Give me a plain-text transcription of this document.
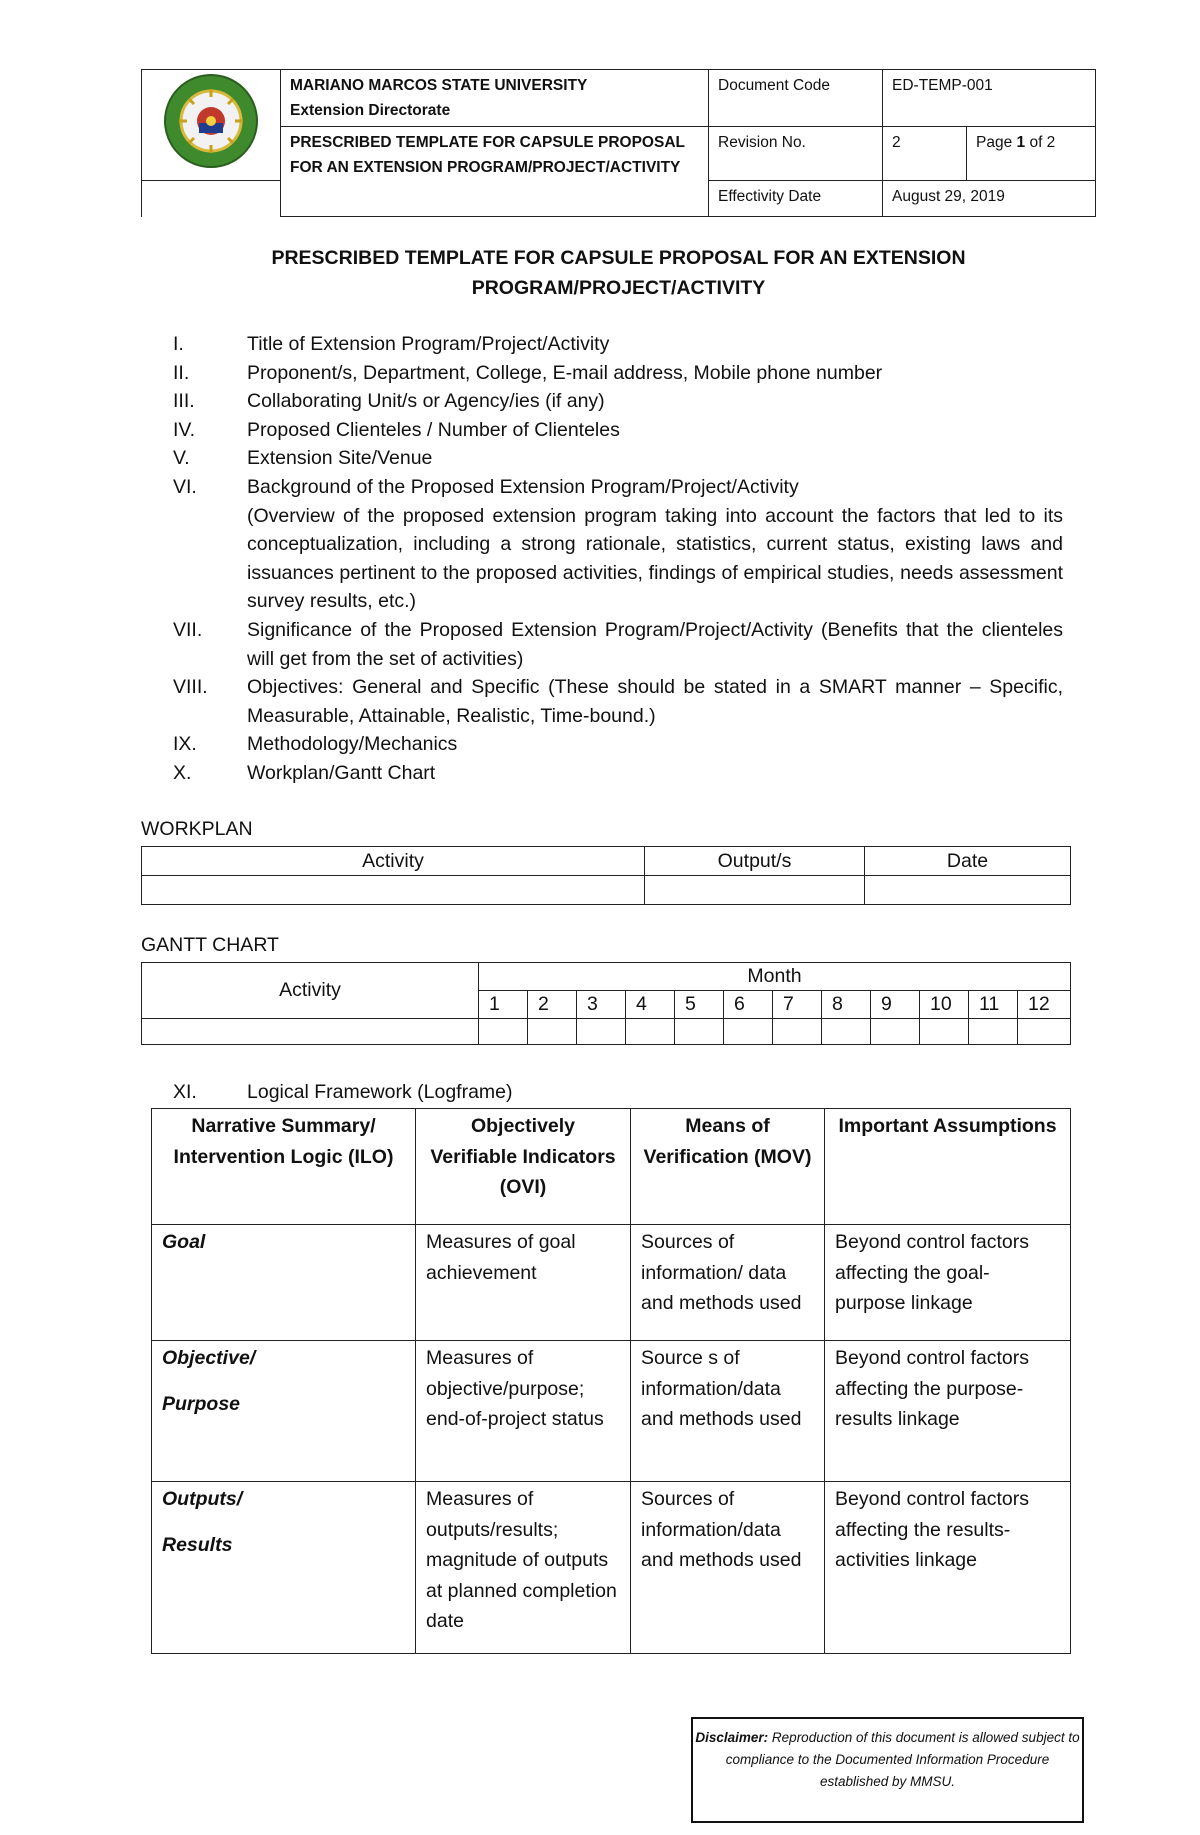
MARIANO MARCOS STATE UNIVERSITY
Extension Directorate	Document Code	ED-TEMP-001	
	PRESCRIBED TEMPLATE FOR CAPSULE PROPOSAL FOR AN EXTENSION PROGRAM/PROJECT/ACTIVITY	Revision No.	2	Page 1 of 2
		Effectivity Date	August 29, 2019	
PRESCRIBED TEMPLATE FOR CAPSULE PROPOSAL FOR AN EXTENSION
PROGRAM/PROJECT/ACTIVITY
I.	Title of Extension Program/Project/Activity
II.	Proponent/s, Department, College, E-mail address, Mobile phone number
III.	Collaborating Unit/s or Agency/ies (if any)
IV.	Proposed Clienteles / Number of Clienteles
V.	Extension Site/Venue
VI.	Background of the Proposed Extension Program/Project/Activity
(Overview of the proposed extension program taking into account the factors that led to its conceptualization, including a strong rationale, statistics, current status, existing laws and issuances pertinent to the proposed activities, findings of empirical studies, needs assessment survey results, etc.)
VII. Significance of the Proposed Extension Program/Project/Activity (Benefits that the clienteles will get from the set of activities)
VIII. Objectives: General and Specific (These should be stated in a SMART manner – Specific, Measurable, Attainable, Realistic, Time-bound.)
IX.	Methodology/Mechanics
X.	Workplan/Gantt Chart
WORKPLAN
Activity	Output/s	Date

GANTT CHART
Activity	Month											
	1	2	3	4	5	6	7	8	9	10	11	12

XI.	Logical Framework (Logframe)
Narrative Summary/ Intervention Logic (ILO)	Objectively Verifiable Indicators (OVI)	Means of Verification (MOV)	Important Assumptions
Goal	Measures of goal achievement	Sources of information/ data and methods used	Beyond control factors affecting the goal-purpose linkage

Objective/
Purpose	Measures of objective/purpose; end-of-project status	Source s of information/data and methods used	Beyond control factors affecting the purpose-results linkage

Outputs/
Results	Measures of outputs/results; magnitude of outputs at planned completion date	Sources of information/data and methods used	Beyond control factors affecting the results-activities linkage
Disclaimer: Reproduction of this document is allowed subject to compliance to the Documented Information Procedure established by MMSU.
